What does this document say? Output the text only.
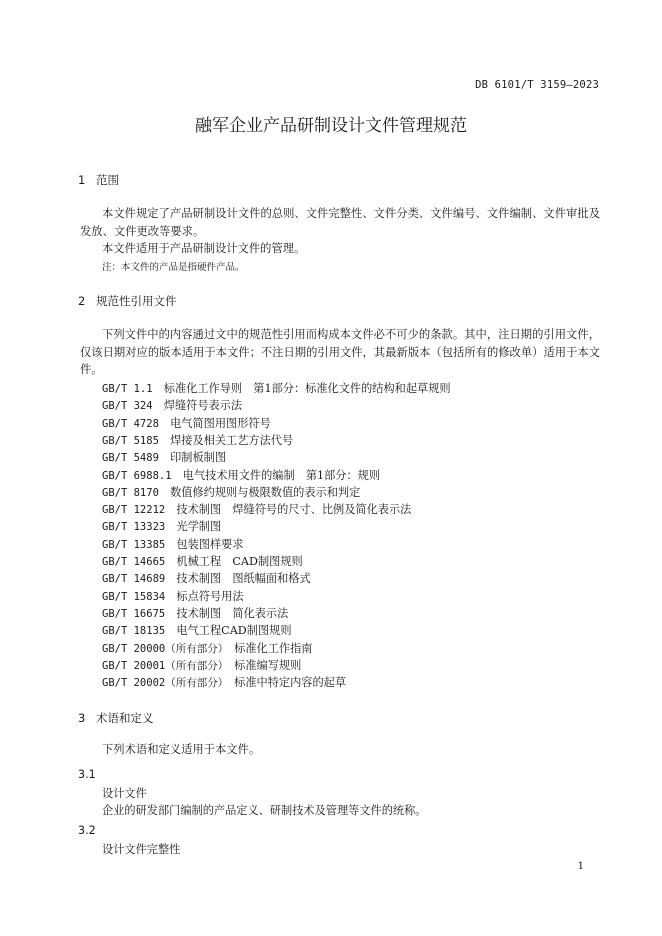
DB 6101/T 3159—2023
融军企业产品研制设计文件管理规范
1 范围
本文件规定了产品研制设计文件的总则、文件完整性、文件分类、文件编号、文件编制、文件审批及发放、文件更改等要求。
本文件适用于产品研制设计文件的管理。
注：本文件的产品是指硬件产品。
2 规范性引用文件
下列文件中的内容通过文中的规范性引用而构成本文件必不可少的条款。其中，注日期的引用文件，仅该日期对应的版本适用于本文件；不注日期的引用文件，其最新版本（包括所有的修改单）适用于本文件。
GB/T 1.1　 标准化工作导则　第1部分：标准化文件的结构和起草规则
GB/T 324　 焊缝符号表示法
GB/T 4728　 电气简图用图形符号
GB/T 5185　 焊接及相关工艺方法代号
GB/T 5489　 印制板制图
GB/T 6988.1　 电气技术用文件的编制　第1部分：规则
GB/T 8170　 数值修约规则与极限数值的表示和判定
GB/T 12212　 技术制图　焊缝符号的尺寸、比例及简化表示法
GB/T 13323　 光学制图
GB/T 13385　 包装图样要求
GB/T 14665　 机械工程　CAD制图规则
GB/T 14689　 技术制图　图纸幅面和格式
GB/T 15834　 标点符号用法
GB/T 16675　 技术制图　简化表示法
GB/T 18135　 电气工程CAD制图规则
GB/T 20000（所有部分）　 标准化工作指南
GB/T 20001（所有部分）　 标准编写规则
GB/T 20002（所有部分）　 标准中特定内容的起草
3 术语和定义
下列术语和定义适用于本文件。
3.1
设计文件
企业的研发部门编制的产品定义、研制技术及管理等文件的统称。
3.2
设计文件完整性
1
